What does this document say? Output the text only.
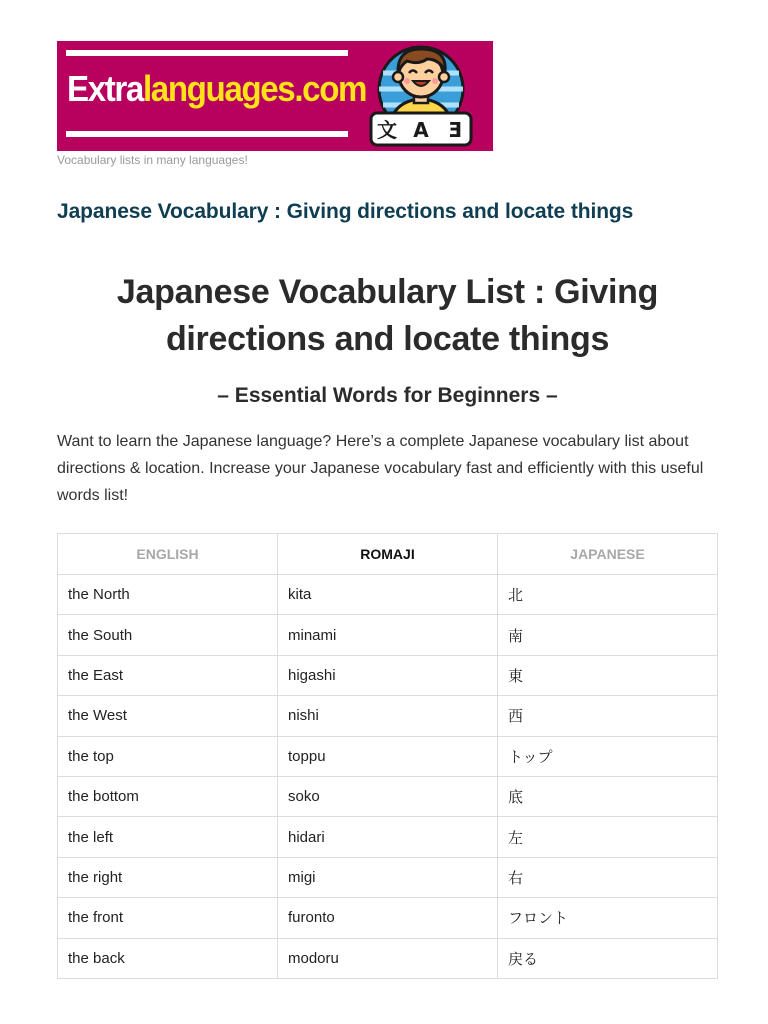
Extralanguages.com
文 A Ǝ
Vocabulary lists in many languages!
Japanese Vocabulary : Giving directions and locate things
Japanese Vocabulary List : Giving directions and locate things
– Essential Words for Beginners –

Want to learn the Japanese language? Here’s a complete Japanese vocabulary list about directions & location. Increase your Japanese vocabulary fast and efficiently with this useful words list!

ENGLISH	ROMAJI	JAPANESE
the North	kita	北
the South	minami	南
the East	higashi	東
the West	nishi	西
the top	toppu	トップ
the bottom	soko	底
the left	hidari	左
the right	migi	右
the front	furonto	フロント
the back	modoru	戻る
